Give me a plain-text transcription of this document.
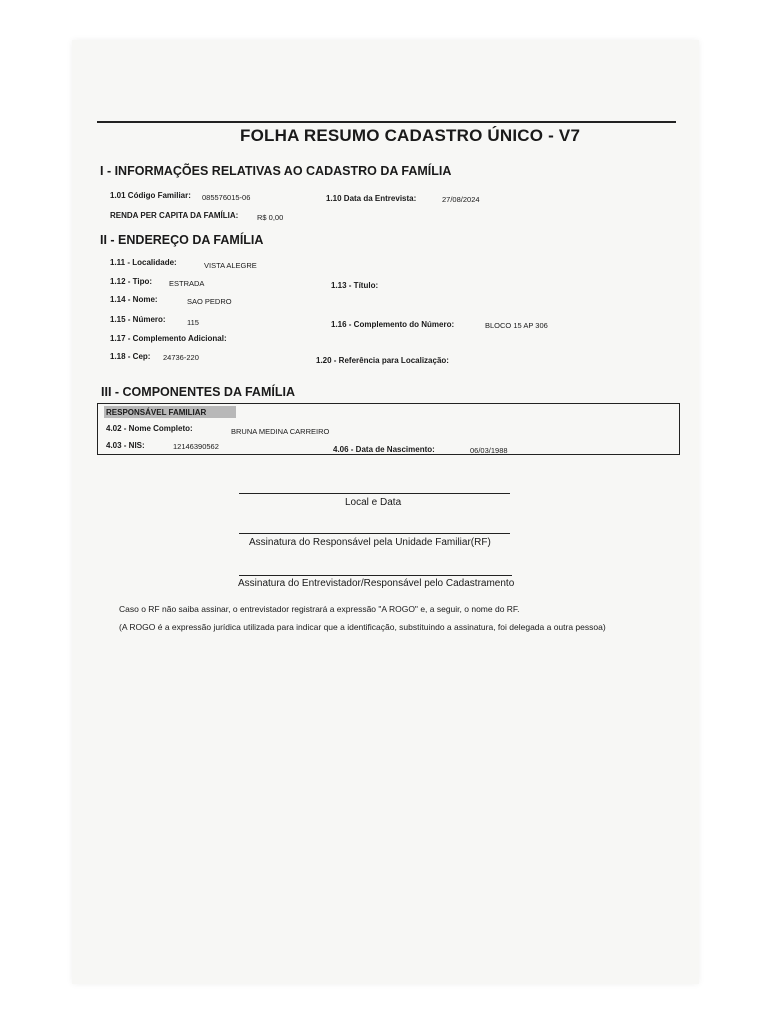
FOLHA RESUMO CADASTRO ÚNICO - V7
I - INFORMAÇÕES RELATIVAS AO CADASTRO DA FAMÍLIA
1.01 Código Familiar: 085576015-06	1.10 Data da Entrevista:	27/08/2024
RENDA PER CAPITA DA FAMÍLIA: R$ 0,00
II - ENDEREÇO DA FAMÍLIA
1.11 - Localidade:	VISTA ALEGRE
1.12 - Tipo: ESTRADA	1.13 - Título:
1.14 - Nome:	SAO PEDRO
1.15 - Número:	115	1.16 - Complemento do Número:	BLOCO 15 AP 306
1.17 - Complemento Adicional:
1.18 - Cep: 24736-220	1.20 - Referência para Localização:
III - COMPONENTES DA FAMÍLIA
RESPONSÁVEL FAMILIAR
4.02 - Nome Completo:	BRUNA MEDINA CARREIRO
4.03 - NIS:	12146390562	4.06 - Data de Nascimento:	06/03/1988
Local e Data
Assinatura do Responsável pela Unidade Familiar(RF)
Assinatura do Entrevistador/Responsável pelo Cadastramento
Caso o RF não saiba assinar, o entrevistador registrará a expressão "A ROGO" e, a seguir, o nome do RF.
(A ROGO é a expressão jurídica utilizada para indicar que a identificação, substituindo a assinatura, foi delegada a outra pessoa)
